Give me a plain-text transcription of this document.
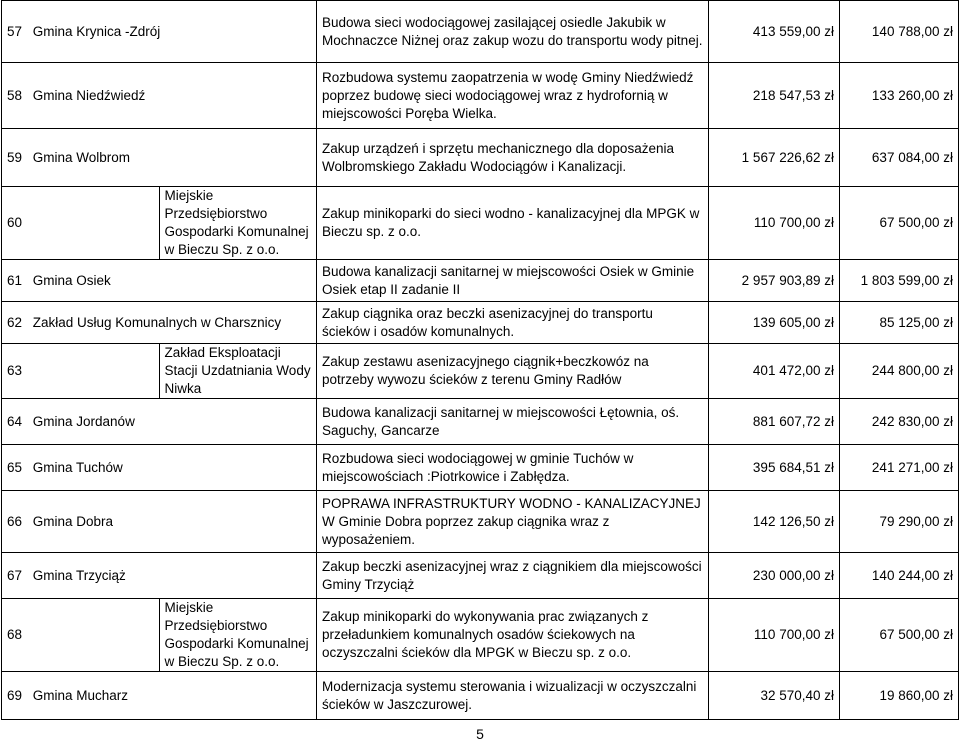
57 Gmina Krynica -Zdrój		Budowa sieci wodociągowej zasilającej osiedle Jakubik w Mochnaczce Niżnej oraz zakup wozu do transportu wody pitnej.	413 559,00 zł	140 788,00 zł
58 Gmina Niedźwiedź		Rozbudowa systemu zaopatrzenia w wodę Gminy Niedźwiedź poprzez budowę sieci wodociągowej wraz z hydrofornią w miejscowości Poręba Wielka.	218 547,53 zł	133 260,00 zł
59 Gmina Wolbrom		Zakup urządzeń i sprzętu mechanicznego dla doposażenia Wolbromskiego Zakładu Wodociągów i Kanalizacji.	1 567 226,62 zł	637 084,00 zł
60	Miejskie Przedsiębiorstwo Gospodarki Komunalnej w Bieczu Sp. z o.o.	Zakup minikoparki do sieci wodno - kanalizacyjnej dla MPGK w Bieczu sp. z o.o.	110 700,00 zł	67 500,00 zł
61 Gmina Osiek		Budowa kanalizacji sanitarnej w miejscowości Osiek w Gminie Osiek etap II zadanie II	2 957 903,89 zł	1 803 599,00 zł
62 Zakład Usług Komunalnych w Charsznicy		Zakup ciągnika oraz beczki asenizacyjnej do transportu ścieków i osadów komunalnych.	139 605,00 zł	85 125,00 zł
63	Zakład Eksploatacji Stacji Uzdatniania Wody Niwka	Zakup zestawu asenizacyjnego ciągnik+beczkowóz na potrzeby wywozu ścieków z terenu Gminy Radłów	401 472,00 zł	244 800,00 zł
64 Gmina Jordanów		Budowa kanalizacji sanitarnej w miejscowości Łętownia, oś. Saguchy, Gancarze	881 607,72 zł	242 830,00 zł
65 Gmina Tuchów		Rozbudowa sieci wodociągowej w gminie Tuchów w miejscowościach :Piotrkowice i Zabłędza.	395 684,51 zł	241 271,00 zł
66 Gmina Dobra		POPRAWA INFRASTRUKTURY WODNO - KANALIZACYJNEJ W Gminie Dobra poprzez zakup ciągnika wraz z wyposażeniem.	142 126,50 zł	79 290,00 zł
67 Gmina Trzyciąż		Zakup beczki asenizacyjnej wraz z ciągnikiem dla miejscowości Gminy Trzyciąż	230 000,00 zł	140 244,00 zł
68	Miejskie Przedsiębiorstwo Gospodarki Komunalnej w Bieczu Sp. z o.o.	Zakup minikoparki do wykonywania prac związanych z przeładunkiem komunalnych osadów ściekowych na oczyszczalni ścieków dla MPGK w Bieczu sp. z o.o.	110 700,00 zł	67 500,00 zł
69 Gmina Mucharz		Modernizacja systemu sterowania i wizualizacji w oczyszczalni ścieków w Jaszczurowej.	32 570,40 zł	19 860,00 zł
5
